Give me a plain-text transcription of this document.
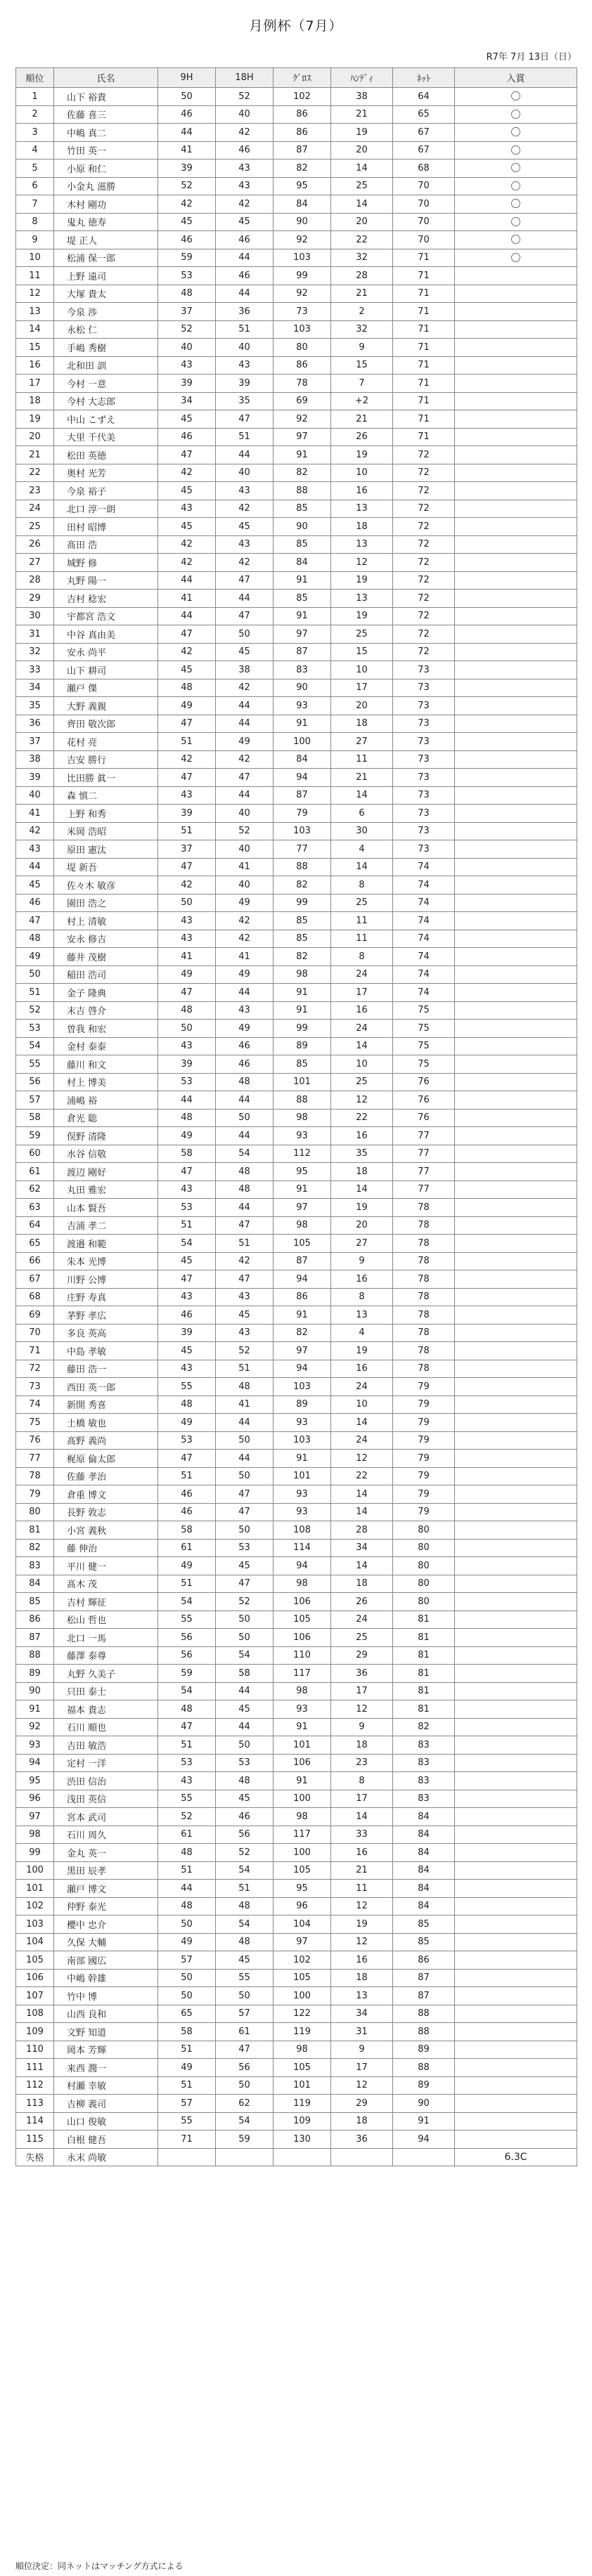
月例杯（7月）
R7年 7月 13日（日）
順位	氏名	9H	18H	ｸﾞﾛｽ	ﾊﾝﾃﾞｨ	ﾈｯﾄ	入賞
1	山下 裕貴	50	52	102	38	64	〇
2	佐藤 喜三	46	40	86	21	65	〇
3	中嶋 真二	44	42	86	19	67	〇
4	竹田 英一	41	46	87	20	67	〇
5	小原 和仁	39	43	82	14	68	〇
6	小金丸 滋勝	52	43	95	25	70	〇
7	木村 剛功	42	42	84	14	70	〇
8	鬼丸 徳寿	45	45	90	20	70	〇
9	堤 正人	46	46	92	22	70	〇
10	松浦 保一郎	59	44	103	32	71	〇
11	上野 遠司	53	46	99	28	71	
12	大塚 貴太	48	44	92	21	71	
13	今泉 渉	37	36	73	2	71	
14	永松 仁	52	51	103	32	71	
15	手嶋 秀樹	40	40	80	9	71	
16	北和田 訓	43	43	86	15	71	
17	今村 一意	39	39	78	7	71	
18	今村 大志郎	34	35	69	+2	71	
19	中山 こずえ	45	47	92	21	71	
20	大里 千代美	46	51	97	26	71	
21	松田 英徳	47	44	91	19	72	
22	奥村 光芳	42	40	82	10	72	
23	今泉 裕子	45	43	88	16	72	
24	北口 淳一朗	43	42	85	13	72	
25	田村 昭博	45	45	90	18	72	
26	髙田 浩	42	43	85	13	72	
27	城野 修	42	42	84	12	72	
28	丸野 陽一	44	47	91	19	72	
29	吉村 稔宏	41	44	85	13	72	
30	宇都宮 浩文	44	47	91	19	72	
31	中谷 真由美	47	50	97	25	72	
32	安永 尚平	42	45	87	15	72	
33	山下 耕司	45	38	83	10	73	
34	瀬戸 傑	48	42	90	17	73	
35	大野 義親	49	44	93	20	73	
36	齊田 敬次郎	47	44	91	18	73	
37	花村 亮	51	49	100	27	73	
38	吉安 勝行	42	42	84	11	73	
39	比田勝 眞一	47	47	94	21	73	
40	森 慎二	43	44	87	14	73	
41	上野 和秀	39	40	79	6	73	
42	米岡 浩昭	51	52	103	30	73	
43	原田 憲汰	37	40	77	4	73	
44	堤 新吾	47	41	88	14	74	
45	佐々木 敏彦	42	40	82	8	74	
46	園田 浩之	50	49	99	25	74	
47	村上 清敏	43	42	85	11	74	
48	安永 修吉	43	42	85	11	74	
49	藤井 茂樹	41	41	82	8	74	
50	稲田 浩司	49	49	98	24	74	
51	金子 隆典	47	44	91	17	74	
52	末吉 啓介	48	43	91	16	75	
53	曽我 和宏	50	49	99	24	75	
54	金村 泰泰	43	46	89	14	75	
55	藤川 和文	39	46	85	10	75	
56	村上 博美	53	48	101	25	76	
57	浦嶋 裕	44	44	88	12	76	
58	倉光 聡	48	50	98	22	76	
59	俣野 清隆	49	44	93	16	77	
60	水谷 信敬	58	54	112	35	77	
61	渡辺 剛好	47	48	95	18	77	
62	丸田 雅宏	43	48	91	14	77	
63	山本 賢吾	53	44	97	19	78	
64	吉浦 孝二	51	47	98	20	78	
65	渡邉 和範	54	51	105	27	78	
66	朱本 光博	45	42	87	9	78	
67	川野 公博	47	47	94	16	78	
68	庄野 寿真	43	43	86	8	78	
69	茅野 孝広	46	45	91	13	78	
70	多良 英高	39	43	82	4	78	
71	中島 孝敏	45	52	97	19	78	
72	藤田 浩一	43	51	94	16	78	
73	西田 英一郎	55	48	103	24	79	
74	新開 秀喜	48	41	89	10	79	
75	土橋 敏也	49	44	93	14	79	
76	髙野 義尚	53	50	103	24	79	
77	梶原 倫太郎	47	44	91	12	79	
78	佐藤 孝治	51	50	101	22	79	
79	倉重 博文	46	47	93	14	79	
80	長野 敦志	46	47	93	14	79	
81	小宮 義秋	58	50	108	28	80	
82	藤 伸治	61	53	114	34	80	
83	平川 健一	49	45	94	14	80	
84	髙木 茂	51	47	98	18	80	
85	吉村 輝征	54	52	106	26	80	
86	松山 哲也	55	50	105	24	81	
87	北口 一馬	56	50	106	25	81	
88	藤澤 泰尊	56	54	110	29	81	
89	丸野 久美子	59	58	117	36	81	
90	只田 泰士	54	44	98	17	81	
91	福本 貴志	48	45	93	12	81	
92	石川 順也	47	44	91	9	82	
93	吉田 敏浩	51	50	101	18	83	
94	定村 一洋	53	53	106	23	83	
95	渋田 信治	43	48	91	8	83	
96	浅田 英信	55	45	100	17	83	
97	宮本 武司	52	46	98	14	84	
98	石川 周久	61	56	117	33	84	
99	金丸 英一	48	52	100	16	84	
100	黒田 辰孝	51	54	105	21	84	
101	瀬戸 博文	44	51	95	11	84	
102	仲野 泰光	48	48	96	12	84	
103	櫻中 忠介	50	54	104	19	85	
104	久保 大輔	49	48	97	12	85	
105	南部 國広	57	45	102	16	86	
106	中嶋 幹雄	50	55	105	18	87	
107	竹中 博	50	50	100	13	87	
108	山西 良和	65	57	122	34	88	
109	文野 知道	58	61	119	31	88	
110	岡本 芳輝	51	47	98	9	89	
111	来西 潤一	49	56	105	17	88	
112	村瀬 幸敏	51	50	101	12	89	
113	吉柳 義司	57	62	119	29	90	
114	山口 俊敏	55	54	109	18	91	
115	白根 健吾	71	59	130	36	94	
失格	永末 尚敏						6.3C
順位決定：同ネットはマッチング方式による
